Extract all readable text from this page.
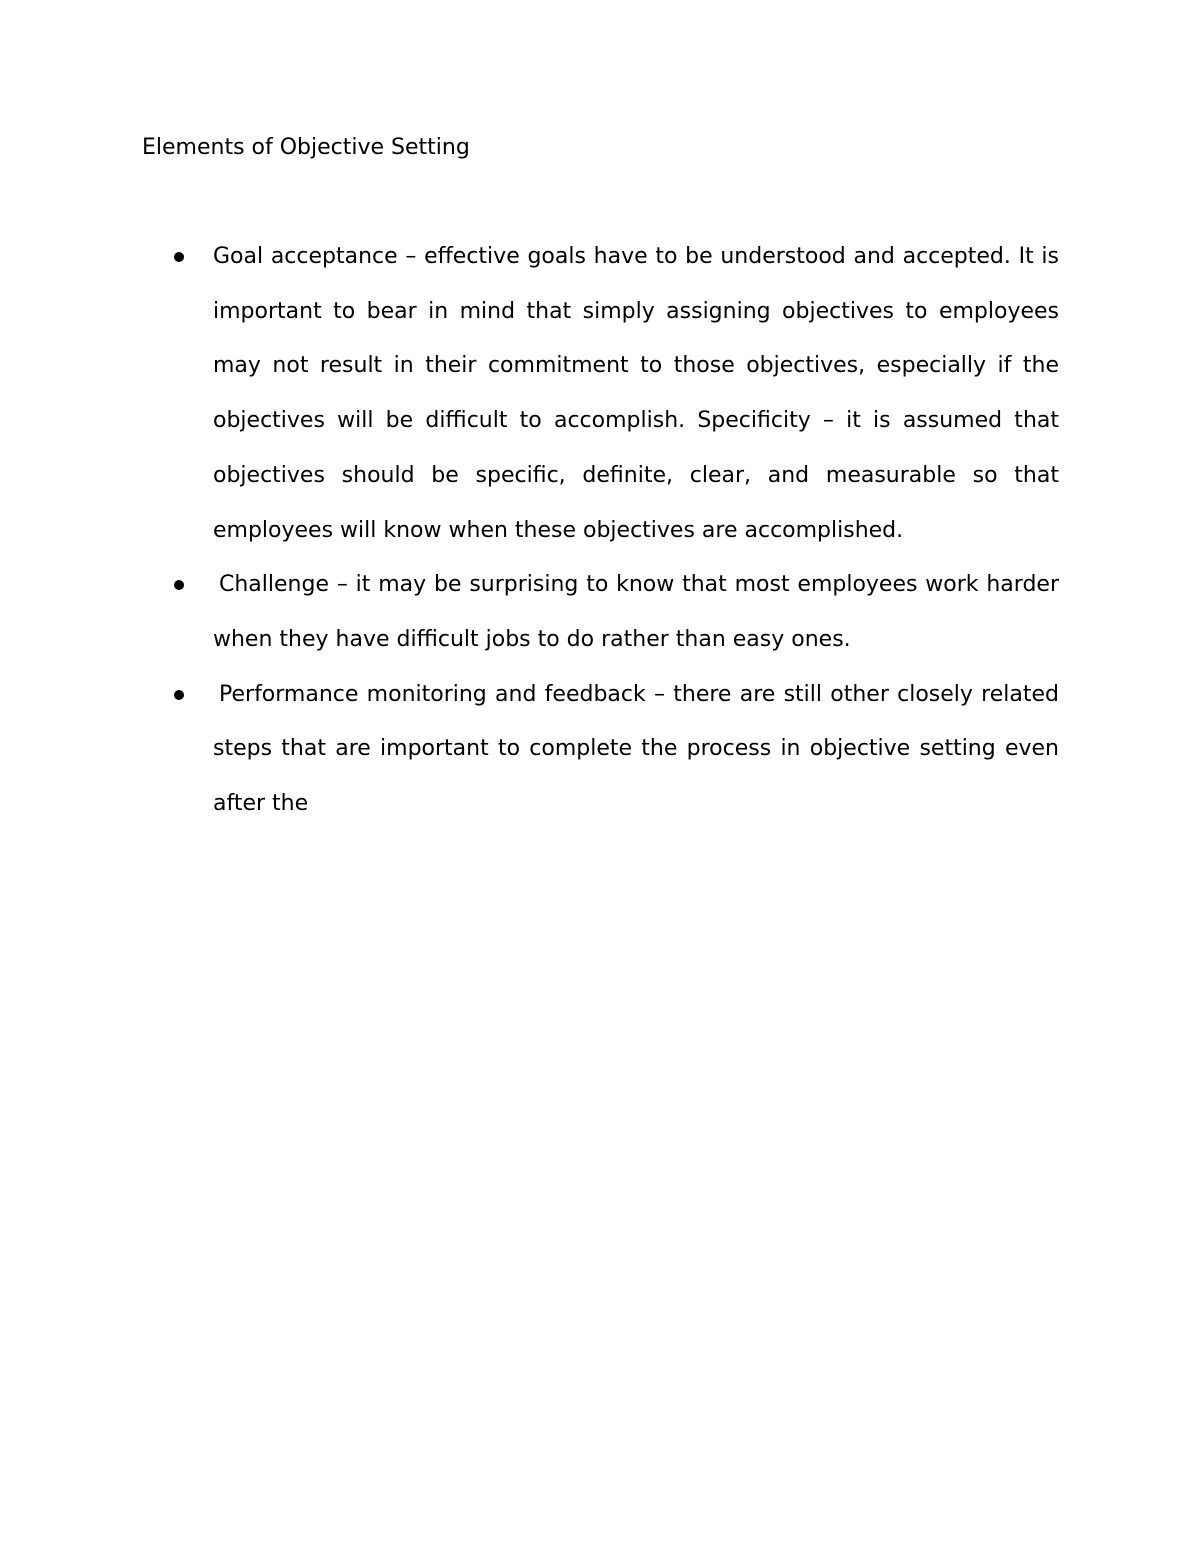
Elements of Objective Setting
Goal acceptance – effective goals have to be understood and accepted. It is important to bear in mind that simply assigning objectives to employees may not result in their commitment to those objectives, especially if the objectives will be difficult to accomplish. Specificity – it is assumed that objectives should be specific, definite, clear, and measurable so that employees will know when these objectives are accomplished.
Challenge – it may be surprising to know that most employees work harder when they have difficult jobs to do rather than easy ones.
Performance monitoring and feedback – there are still other closely related steps that are important to complete the process in objective setting even after the
